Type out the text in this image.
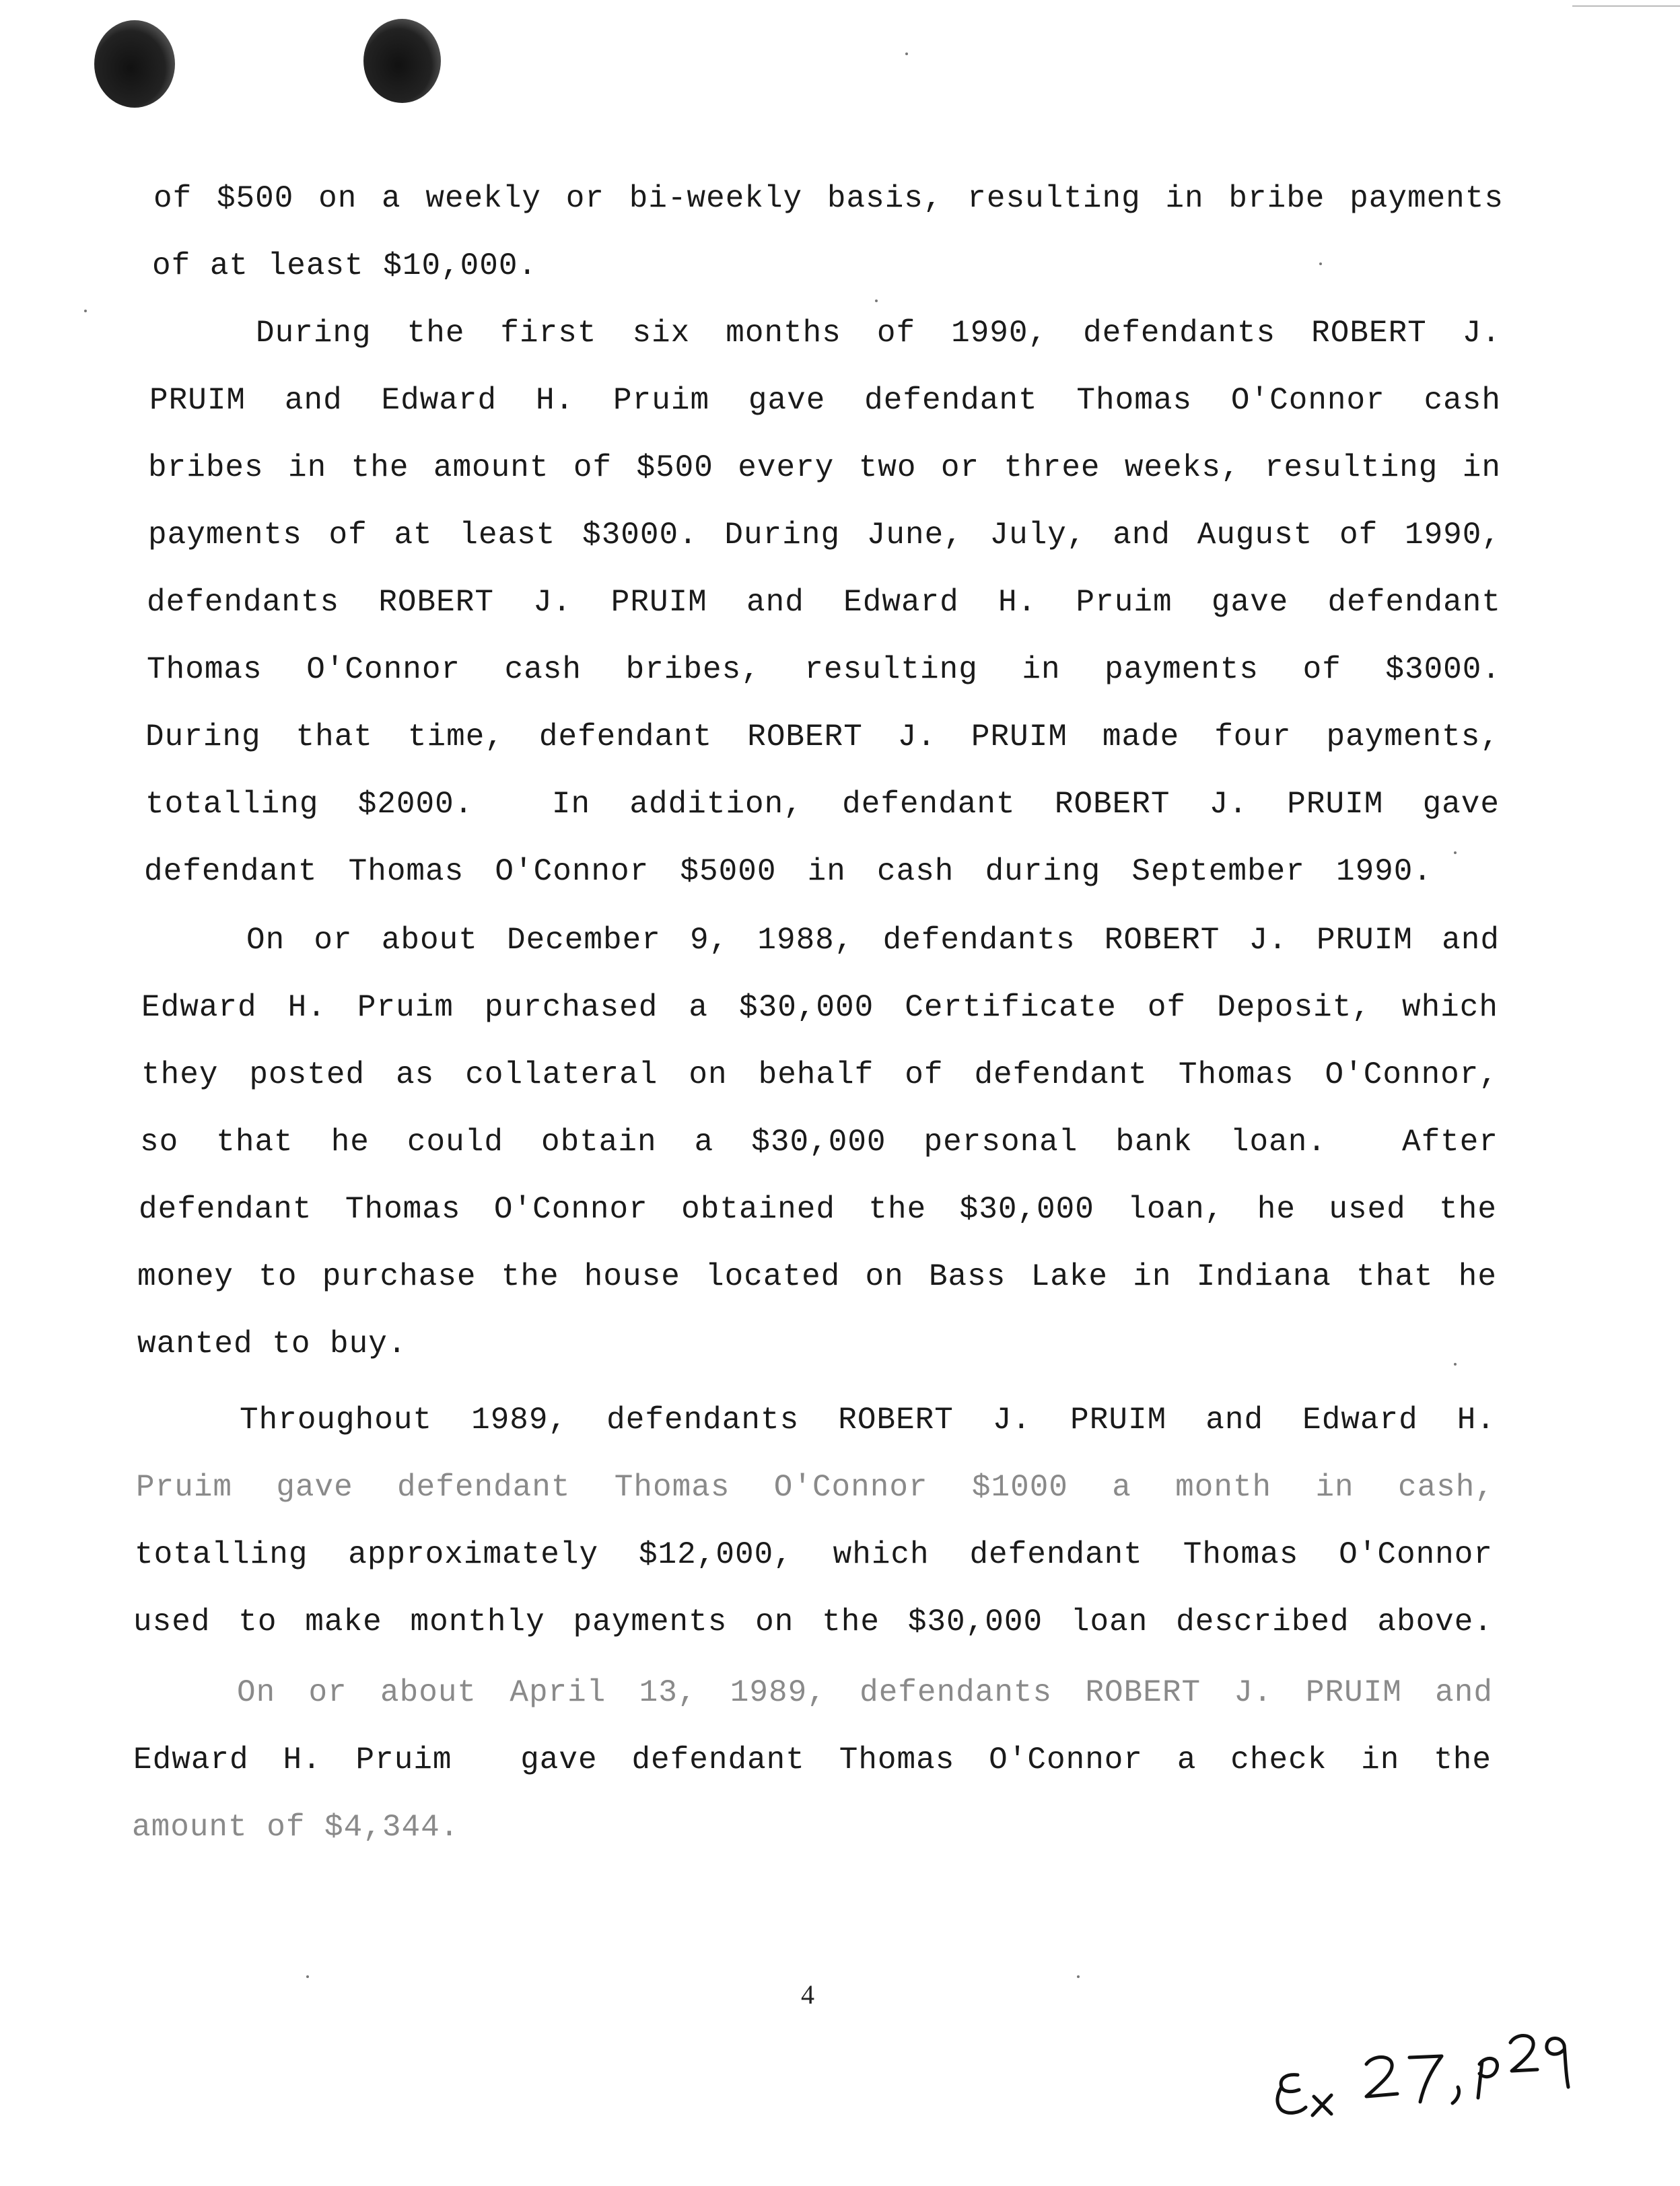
of $500 on a weekly or bi-weekly basis, resulting in bribe payments
of at least $10,000.
During the first six months of 1990, defendants ROBERT J.
PRUIM and Edward H. Pruim gave defendant Thomas O'Connor cash
bribes in the amount of $500 every two or three weeks, resulting in
payments of at least $3000. During June, July, and August of 1990,
defendants ROBERT J. PRUIM and Edward H. Pruim gave defendant
Thomas O'Connor cash bribes, resulting in payments of $3000.
During that time, defendant ROBERT J. PRUIM made four payments,
totalling $2000.  In addition, defendant ROBERT J. PRUIM gave
defendant Thomas O'Connor $5000 in cash during September 1990.
On or about December 9, 1988, defendants ROBERT J. PRUIM and
Edward H. Pruim purchased a $30,000 Certificate of Deposit, which
they posted as collateral on behalf of defendant Thomas O'Connor,
so that he could obtain a $30,000 personal bank loan.  After
defendant Thomas O'Connor obtained the $30,000 loan, he used the
money to purchase the house located on Bass Lake in Indiana that he
wanted to buy.
Throughout 1989, defendants ROBERT J. PRUIM and Edward H.
Pruim gave defendant Thomas O'Connor $1000 a month in cash,
totalling approximately $12,000, which defendant Thomas O'Connor
used to make monthly payments on the $30,000 loan described above.
On or about April 13, 1989, defendants ROBERT J. PRUIM and
Edward H. Pruim  gave defendant Thomas O'Connor a check in the
amount of $4,344.
4
